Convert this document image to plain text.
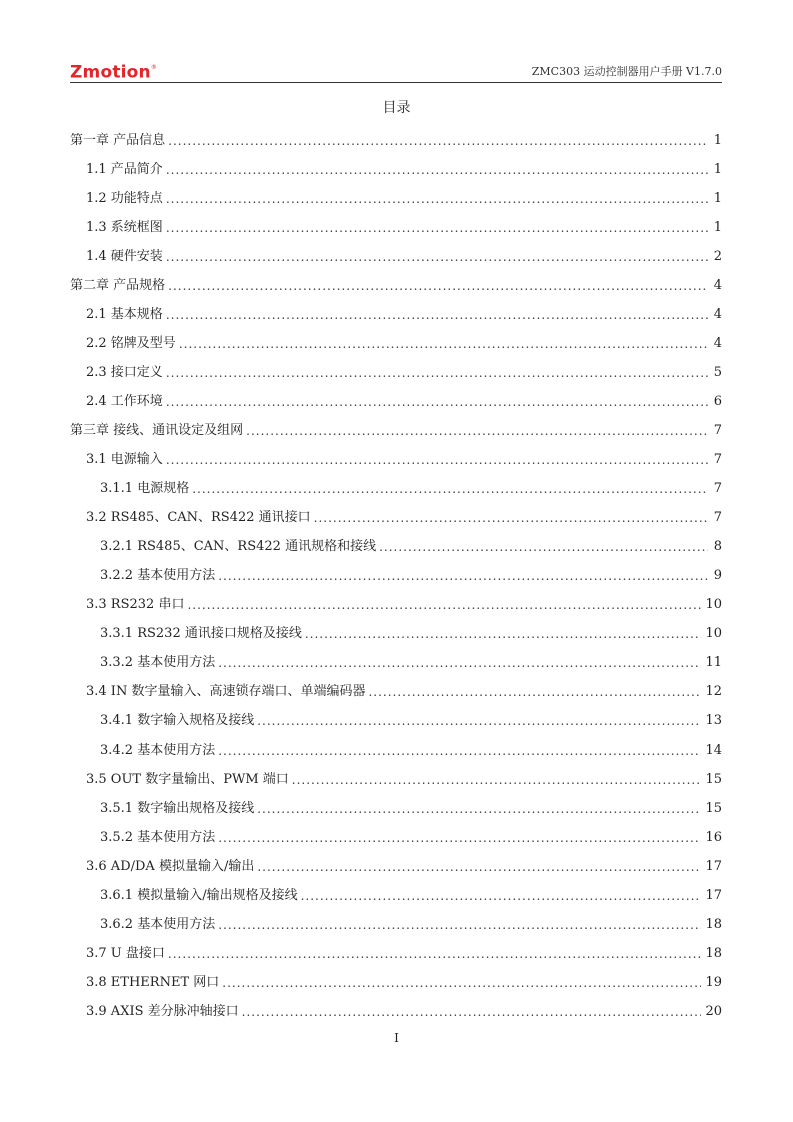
Zmotion®	ZMC303 运动控制器用户手册 V1.7.0
目录
第一章 产品信息 .....	1
1.1 产品简介 .....	1
1.2 功能特点 .....	1
1.3 系统框图 .....	1
1.4 硬件安装 .....	2
第二章 产品规格 .....	4
2.1 基本规格 .....	4
2.2 铭牌及型号 .....	4
2.3 接口定义 .....	5
2.4 工作环境 .....	6
第三章 接线、通讯设定及组网 .....	7
3.1 电源输入 .....	7
3.1.1 电源规格 .....	7
3.2 RS485、CAN、RS422 通讯接口 .....	7
3.2.1 RS485、CAN、RS422 通讯规格和接线 .....	8
3.2.2 基本使用方法 .....	9
3.3 RS232 串口 .....	10
3.3.1 RS232 通讯接口规格及接线 .....	10
3.3.2 基本使用方法 .....	11
3.4 IN 数字量输入、高速锁存端口、单端编码器 .....	12
3.4.1 数字输入规格及接线 .....	13
3.4.2 基本使用方法 .....	14
3.5 OUT 数字量输出、PWM 端口 .....	15
3.5.1 数字输出规格及接线 .....	15
3.5.2 基本使用方法 .....	16
3.6 AD/DA 模拟量输入/输出 .....	17
3.6.1 模拟量输入/输出规格及接线 .....	17
3.6.2 基本使用方法 .....	18
3.7 U 盘接口 .....	18
3.8 ETHERNET 网口 .....	19
3.9 AXIS 差分脉冲轴接口 .....	20
I
